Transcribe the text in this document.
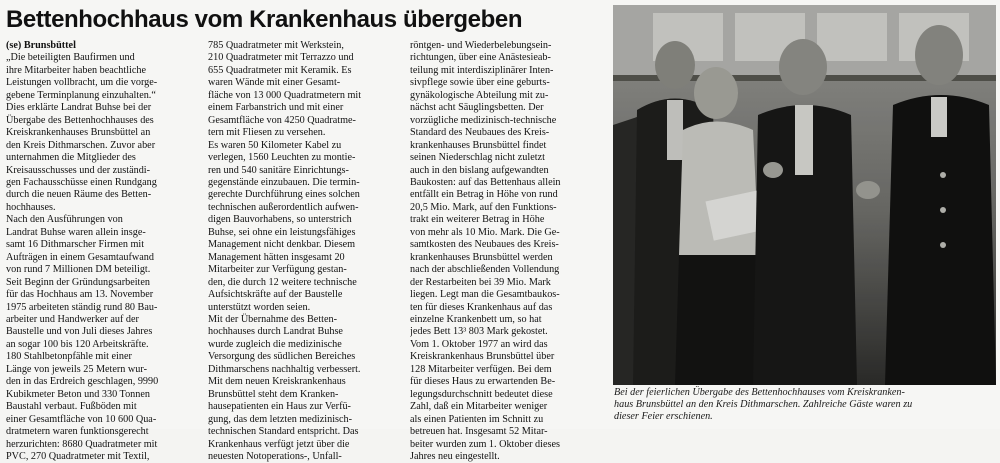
Bettenhochhaus vom Krankenhaus übergeben

(se) Brunsbüttel

„Die beteiligten Baufirmen und

ihre Mitarbeiter haben beachtliche

Leistungen vollbracht, um die vorge-

gebene Terminplanung einzuhalten.“

Dies erklärte Landrat Buhse bei der

Übergabe des Bettenhochhauses des

Kreiskrankenhauses Brunsbüttel an

den Kreis Dithmarschen. Zuvor aber

unternahmen die Mitglieder des

Kreisausschusses und der zuständi-

gen Fachausschüsse einen Rundgang

durch die neuen Räume des Betten-

hochhauses.

Nach den Ausführungen von

Landrat Buhse waren allein insge-

samt 16 Dithmarscher Firmen mit

Aufträgen in einem Gesamtaufwand

von rund 7 Millionen DM beteiligt.

Seit Beginn der Gründungsarbeiten

für das Hochhaus am 13. November

1975 arbeiteten ständig rund 80 Bau-

arbeiter und Handwerker auf der

Baustelle und von Juli dieses Jahres

an sogar 100 bis 120 Arbeitskräfte.

180 Stahlbetonpfähle mit einer

Länge von jeweils 25 Metern wur-

den in das Erdreich geschlagen, 9990

Kubikmeter Beton und 330 Tonnen

Baustahl verbaut. Fußböden mit

einer Gesamtfläche von 10 600 Qua-

dratmetern waren funktionsgerecht

herzurichten: 8680 Quadratmeter mit

PVC, 270 Quadratmeter mit Textil,

785 Quadratmeter mit Werkstein,

210 Quadratmeter mit Terrazzo und

655 Quadratmeter mit Keramik. Es

waren Wände mit einer Gesamt-

fläche von 13 000 Quadratmetern mit

einem Farbanstrich und mit einer

Gesamtfläche von 4250 Quadratme-

tern mit Fliesen zu versehen.

Es waren 50 Kilometer Kabel zu

verlegen, 1560 Leuchten zu montie-

ren und 540 sanitäre Einrichtungs-

gegenstände einzubauen. Die termin-

gerechte Durchführung eines solchen

technischen außerordentlich aufwen-

digen Bauvorhabens, so unterstrich

Buhse, sei ohne ein leistungsfähiges

Management nicht denkbar. Diesem

Management hätten insgesamt 20

Mitarbeiter zur Verfügung gestan-

den, die durch 12 weitere technische

Aufsichtskräfte auf der Baustelle

unterstützt worden seien.

Mit der Übernahme des Betten-

hochhauses durch Landrat Buhse

wurde zugleich die medizinische

Versorgung des südlichen Bereiches

Dithmarschens nachhaltig verbessert.

Mit dem neuen Kreiskrankenhaus

Brunsbüttel steht dem Kranken-

hausepatienten ein Haus zur Verfü-

gung, das dem letzten medizinisch-

technischen Standard entspricht. Das

Krankenhaus verfügt jetzt über die

neuesten Notoperations-, Unfall-

röntgen- und Wiederbelebungsein-

richtungen, über eine Anästesieab-

teilung mit interdisziplinärer Inten-

sivpflege sowie über eine geburts-

gynäkologische Abteilung mit zu-

nächst acht Säuglingsbetten. Der

vorzügliche medizinisch-technische

Standard des Neubaues des Kreis-

krankenhauses Brunsbüttel findet

seinen Niederschlag nicht zuletzt

auch in den bislang aufgewandten

Baukosten: auf das Bettenhaus allein

entfällt ein Betrag in Höhe von rund

20,5 Mio. Mark, auf den Funktions-

trakt ein weiterer Betrag in Höhe

von mehr als 10 Mio. Mark. Die Ge-

samtkosten des Neubaues des Kreis-

krankenhauses Brunsbüttel werden

nach der abschließenden Vollendung

der Restarbeiten bei 39 Mio. Mark

liegen. Legt man die Gesamtbaukos-

ten für dieses Krankenhaus auf das

einzelne Krankenbett um, so hat

jedes Bett 13³ 803 Mark gekostet.

Vom 1. Oktober 1977 an wird das

Kreiskrankenhaus Brunsbüttel über

128 Mitarbeiter verfügen. Bei dem

für dieses Haus zu erwartenden Be-

legungsdurchschnitt bedeutet diese

Zahl, daß ein Mitarbeiter weniger

als einen Patienten im Schnitt zu

betreuen hat. Insgesamt 52 Mitar-

beiter wurden zum 1. Oktober dieses

Jahres neu eingestellt.

Bei der feierlichen Übergabe des Bettenhochhauses vom Kreiskranken-

haus Brunsbüttel an den Kreis Dithmarschen. Zahlreiche Gäste waren zu

dieser Feier erschienen.
